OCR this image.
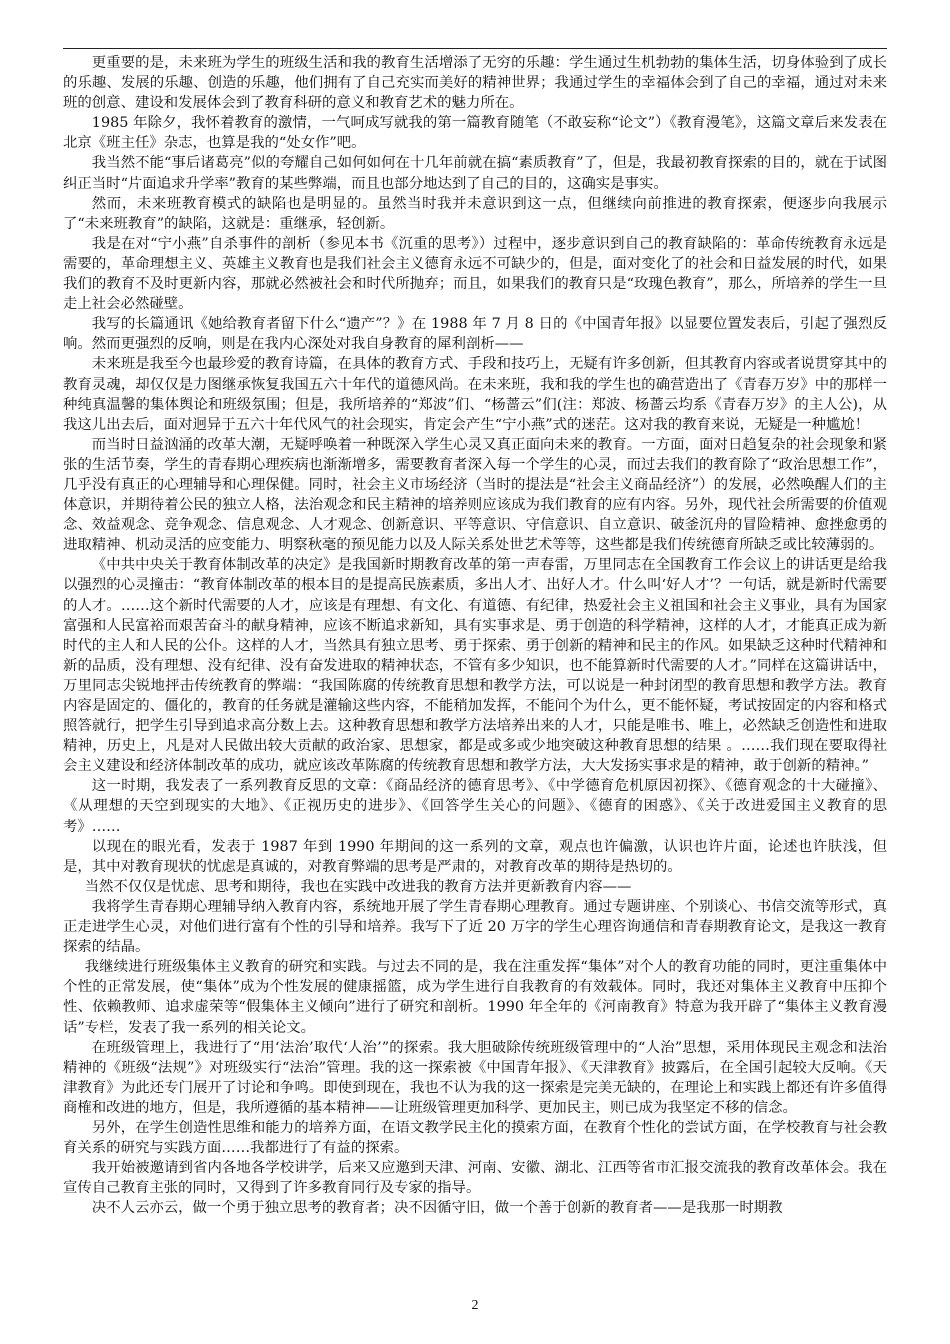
更重要的是，未来班为学生的班级生活和我的教育生活增添了无穷的乐趣：学生通过生机勃勃的集体生活，切身体验到了成长的乐趣、发展的乐趣、创造的乐趣，他们拥有了自己充实而美好的精神世界；我通过学生的幸福体会到了自己的幸福，通过对未来班的创意、建设和发展体会到了教育科研的意义和教育艺术的魅力所在。

1985 年除夕，我怀着教育的激情，一气呵成写就我的第一篇教育随笔（不敢妄称“论文”）《教育漫笔》，这篇文章后来发表在北京《班主任》杂志，也算是我的“处女作”吧。

我当然不能“事后诸葛亮”似的夸耀自己如何如何在十几年前就在搞“素质教育”了，但是，我最初教育探索的目的，就在于试图纠正当时“片面追求升学率”教育的某些弊端，而且也部分地达到了自己的目的，这确实是事实。

然而，未来班教育模式的缺陷也是明显的。虽然当时我并未意识到这一点，但继续向前推进的教育探索，便逐步向我展示了“未来班教育”的缺陷，这就是：重继承，轻创新。

我是在对“宁小燕”自杀事件的剖析（参见本书《沉重的思考》）过程中，逐步意识到自己的教育缺陷的：革命传统教育永远是需要的，革命理想主义、英雄主义教育也是我们社会主义德育永远不可缺少的，但是，面对变化了的社会和日益发展的时代，如果我们的教育不及时更新内容，那就必然被社会和时代所抛弃；而且，如果我们的教育只是“玫瑰色教育”，那么，所培养的学生一旦走上社会必然碰壁。

我写的长篇通讯《她给教育者留下什么“遗产”？》在 1988 年 7 月 8 日的《中国青年报》以显要位置发表后，引起了强烈反响。然而更强烈的反响，则是在我内心深处对我自身教育的犀利剖析——

未来班是我至今也最珍爱的教育诗篇，在具体的教育方式、手段和技巧上，无疑有许多创新，但其教育内容或者说贯穿其中的教育灵魂，却仅仅是力图继承恢复我国五六十年代的道德风尚。在未来班，我和我的学生也的确营造出了《青春万岁》中的那样一种纯真温馨的集体舆论和班级氛围；但是，我所培养的“郑波”们、“杨蔷云”们(注：郑波、杨蔷云均系《青春万岁》的主人公)，从我这儿出去后，面对迥异于五六十年代风气的社会现实，肯定会产生“宁小燕”式的迷茫。这对我的教育来说，无疑是一种尴尬！

而当时日益汹涌的改革大潮，无疑呼唤着一种既深入学生心灵又真正面向未来的教育。一方面，面对日趋复杂的社会现象和紧张的生活节奏，学生的青春期心理疾病也渐渐增多，需要教育者深入每一个学生的心灵，而过去我们的教育除了“政治思想工作”，几乎没有真正的心理辅导和心理保健。同时，社会主义市场经济（当时的提法是“社会主义商品经济”）的发展，必然唤醒人们的主体意识，并期待着公民的独立人格，法治观念和民主精神的培养则应该成为我们教育的应有内容。另外，现代社会所需要的价值观念、效益观念、竞争观念、信息观念、人才观念、创新意识、平等意识、守信意识、自立意识、破釜沉舟的冒险精神、愈挫愈勇的进取精神、机动灵活的应变能力、明察秋毫的预见能力以及人际关系处世艺术等等，这些都是我们传统德育所缺乏或比较薄弱的。

《中共中央关于教育体制改革的决定》是我国新时期教育改革的第一声春雷，万里同志在全国教育工作会议上的讲话更是给我以强烈的心灵撞击：“教育体制改革的根本目的是提高民族素质，多出人才、出好人才。什么叫‘好人才’？一句话，就是新时代需要的人才。……这个新时代需要的人才，应该是有理想、有文化、有道德、有纪律，热爱社会主义祖国和社会主义事业，具有为国家富强和人民富裕而艰苦奋斗的献身精神，应该不断追求新知，具有实事求是、勇于创造的科学精神，这样的人才，才能真正成为新时代的主人和人民的公仆。这样的人才，当然具有独立思考、勇于探索、勇于创新的精神和民主的作风。如果缺乏这种时代精神和新的品质，没有理想、没有纪律、没有奋发进取的精神状态，不管有多少知识，也不能算新时代需要的人才。”同样在这篇讲话中，万里同志尖锐地抨击传统教育的弊端：“我国陈腐的传统教育思想和教学方法，可以说是一种封闭型的教育思想和教学方法。教育内容是固定的、僵化的，教育的任务就是灌输这些内容，不能稍加发挥，不能问个为什么，更不能怀疑，考试按固定的内容和格式照答就行，把学生引导到追求高分数上去。这种教育思想和教学方法培养出来的人才，只能是唯书、唯上，必然缺乏创造性和进取精神，历史上，凡是对人民做出较大贡献的政治家、思想家，都是或多或少地突破这种教育思想的结果 。……我们现在要取得社会主义建设和经济体制改革的成功，就应该改革陈腐的传统教育思想和教学方法，大大发扬实事求是的精神，敢于创新的精神。”

这一时期，我发表了一系列教育反思的文章：《商品经济的德育思考》、《中学德育危机原因初探》、《德育观念的十大碰撞》、《从理想的天空到现实的大地》、《正视历史的进步》、《回答学生关心的问题》、《德育的困惑》、《关于改进爱国主义教育的思考》……

以现在的眼光看，发表于 1987 年到 1990 年期间的这一系列的文章，观点也许偏激，认识也许片面，论述也许肤浅，但是，其中对教育现状的忧虑是真诚的，对教育弊端的思考是严肃的，对教育改革的期待是热切的。

当然不仅仅是忧虑、思考和期待，我也在实践中改进我的教育方法并更新教育内容——

我将学生青春期心理辅导纳入教育内容，系统地开展了学生青春期心理教育。通过专题讲座、个别谈心、书信交流等形式，真正走进学生心灵，对他们进行富有个性的引导和培养。我写下了近 20 万字的学生心理咨询通信和青春期教育论文，是我这一教育探索的结晶。

我继续进行班级集体主义教育的研究和实践。与过去不同的是，我在注重发挥“集体”对个人的教育功能的同时，更注重集体中个性的正常发展，使“集体”成为个性发展的健康摇篮，成为学生进行自我教育的有效载体。同时，我还对集体主义教育中压抑个性、依赖教师、追求虚荣等“假集体主义倾向”进行了研究和剖析。1990 年全年的《河南教育》特意为我开辟了“集体主义教育漫话”专栏，发表了我一系列的相关论文。

在班级管理上，我进行了“用‘法治’取代‘人治’”的探索。我大胆破除传统班级管理中的“人治”思想，采用体现民主观念和法治精神的《班级“法规”》对班级实行“法治”管理。我的这一探索被《中国青年报》、《天津教育》披露后，在全国引起较大反响。《天津教育》为此还专门展开了讨论和争鸣。即使到现在，我也不认为我的这一探索是完美无缺的，在理论上和实践上都还有许多值得商榷和改进的地方，但是，我所遵循的基本精神——让班级管理更加科学、更加民主，则已成为我坚定不移的信念。

另外，在学生创造性思维和能力的培养方面，在语文教学民主化的摸索方面，在教育个性化的尝试方面，在学校教育与社会教育关系的研究与实践方面……我都进行了有益的探索。

我开始被邀请到省内各地各学校讲学，后来又应邀到天津、河南、安徽、湖北、江西等省市汇报交流我的教育改革体会。我在宣传自己教育主张的同时，又得到了许多教育同行及专家的指导。

决不人云亦云，做一个勇于独立思考的教育者；决不因循守旧，做一个善于创新的教育者——是我那一时期教

2
